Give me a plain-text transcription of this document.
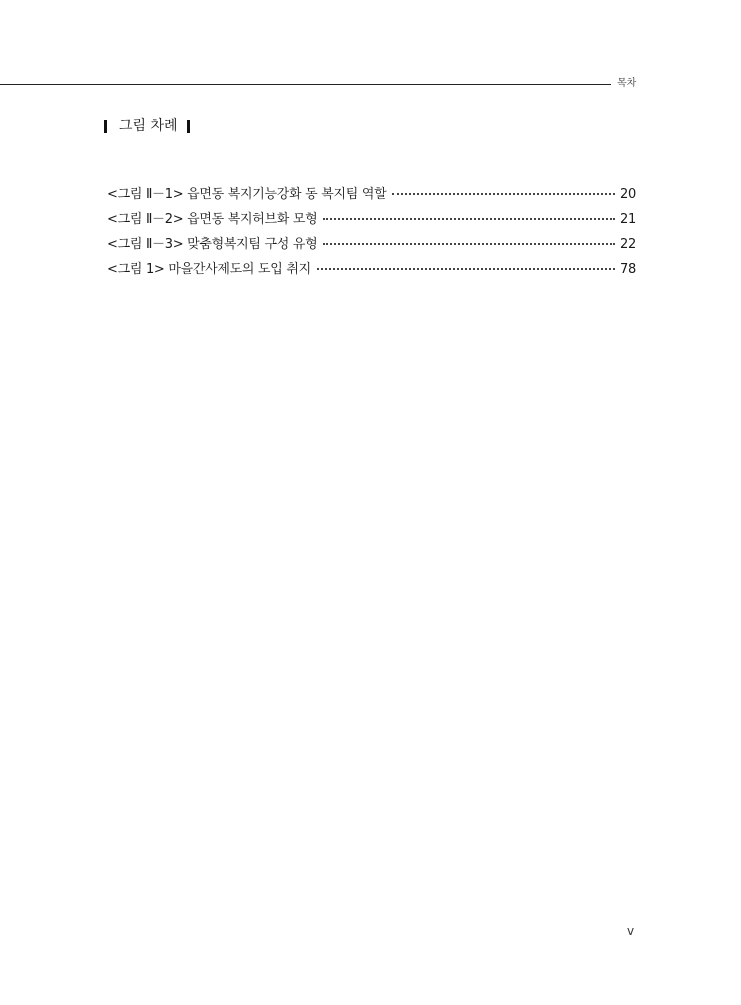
목차
그림 차례
<그림 Ⅱ－1> 읍면동 복지기능강화 동 복지팀 역할	20
<그림 Ⅱ－2> 읍면동 복지허브화 모형	21
<그림 Ⅱ－3> 맞춤형복지팀 구성 유형	22
<그림 1> 마을간사제도의 도입 취지	78
v
